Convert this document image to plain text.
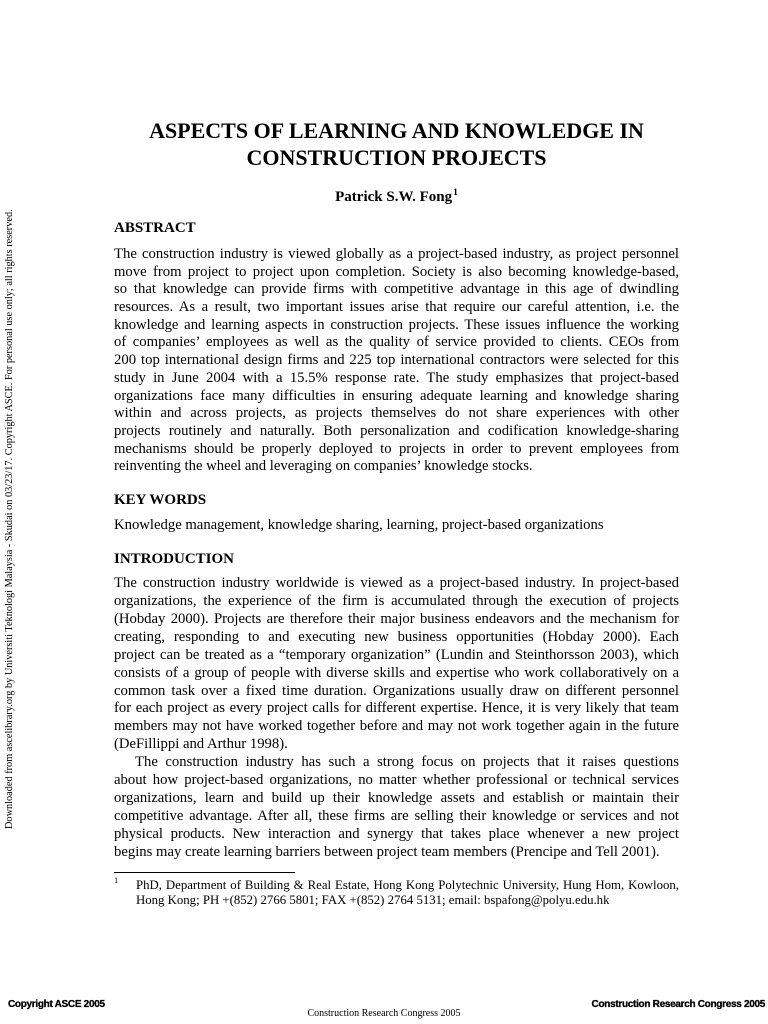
Downloaded from ascelibrary.org by Universiti Teknologi Malaysia - Skudai on 03/23/17. Copyright ASCE. For personal use only; all rights reserved.
ASPECTS OF LEARNING AND KNOWLEDGE IN
CONSTRUCTION PROJECTS
Patrick S.W. Fong$^1$
ABSTRACT
The construction industry is viewed globally as a project-based industry, as project personnel
move from project to project upon completion. Society is also becoming knowledge-based,
so that knowledge can provide firms with competitive advantage in this age of dwindling
resources. As a result, two important issues arise that require our careful attention, i.e. the
knowledge and learning aspects in construction projects. These issues influence the working
of companies’ employees as well as the quality of service provided to clients. CEOs from
200 top international design firms and 225 top international contractors were selected for this
study in June 2004 with a 15.5% response rate. The study emphasizes that project-based
organizations face many difficulties in ensuring adequate learning and knowledge sharing
within and across projects, as projects themselves do not share experiences with other
projects routinely and naturally. Both personalization and codification knowledge-sharing
mechanisms should be properly deployed to projects in order to prevent employees from
reinventing the wheel and leveraging on companies’ knowledge stocks.
KEY WORDS
Knowledge management, knowledge sharing, learning, project-based organizations
INTRODUCTION
The construction industry worldwide is viewed as a project-based industry. In project-based
organizations, the experience of the firm is accumulated through the execution of projects
(Hobday 2000). Projects are therefore their major business endeavors and the mechanism for
creating, responding to and executing new business opportunities (Hobday 2000). Each
project can be treated as a “temporary organization” (Lundin and Steinthorsson 2003), which
consists of a group of people with diverse skills and expertise who work collaboratively on a
common task over a fixed time duration. Organizations usually draw on different personnel
for each project as every project calls for different expertise. Hence, it is very likely that team
members may not have worked together before and may not work together again in the future
(DeFillippi and Arthur 1998).
The construction industry has such a strong focus on projects that it raises questions
about how project-based organizations, no matter whether professional or technical services
organizations, learn and build up their knowledge assets and establish or maintain their
competitive advantage. After all, these firms are selling their knowledge or services and not
physical products. New interaction and synergy that takes place whenever a new project
begins may create learning barriers between project team members (Prencipe and Tell 2001).
1 PhD, Department of Building & Real Estate, Hong Kong Polytechnic University, Hung Hom, Kowloon,
Hong Kong; PH +(852) 2766 5801; FAX +(852) 2764 5131; email: bspafong@polyu.edu.hk
Copyright ASCE 2005	Construction Research Congress 2005
Construction Research Congress 2005
